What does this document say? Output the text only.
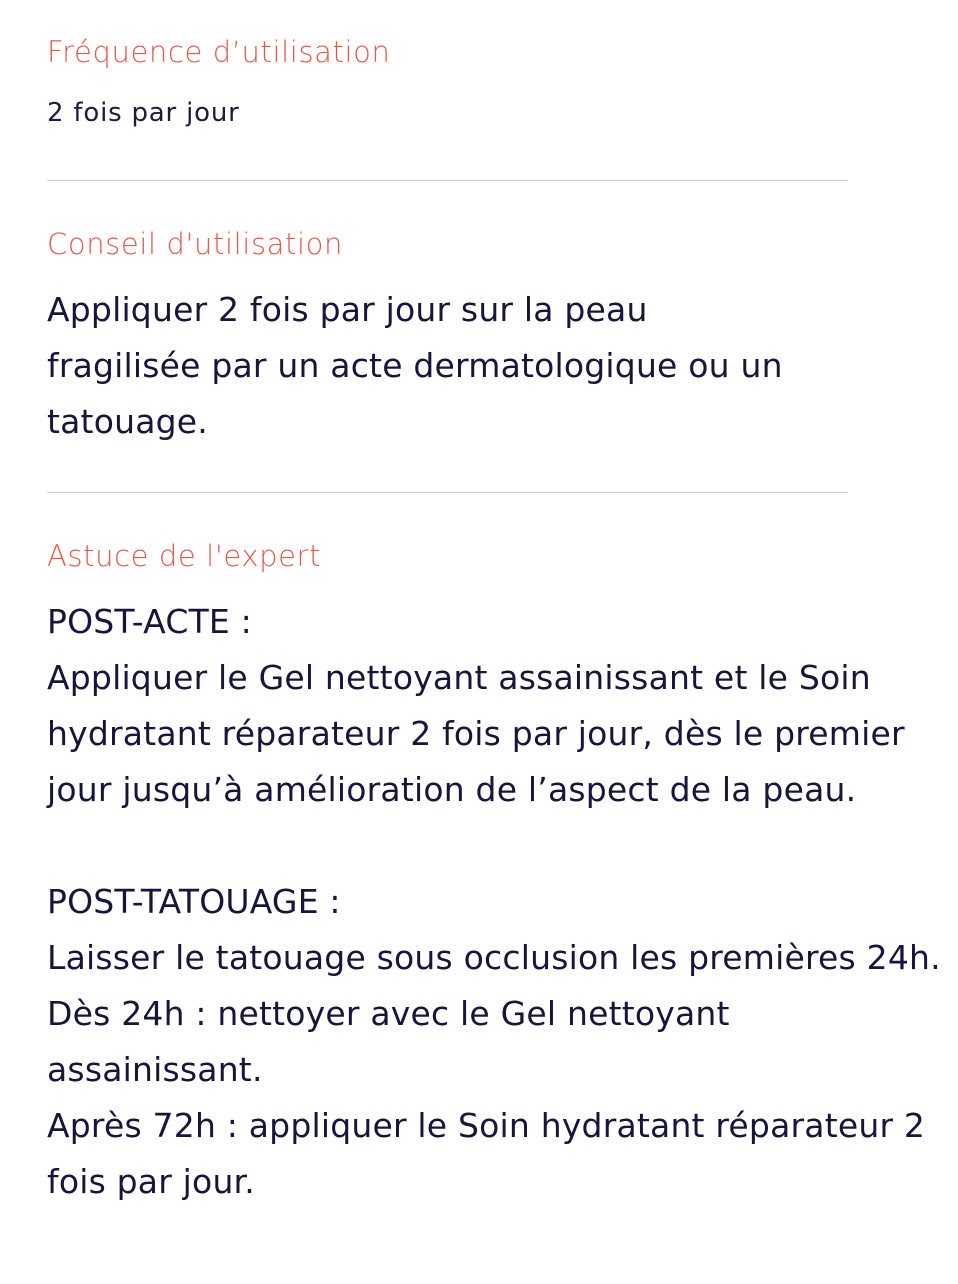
Fréquence d’utilisation

2 fois par jour

Conseil d'utilisation
Appliquer 2 fois par jour sur la peau
fragilisée par un acte dermatologique ou un
tatouage.
Astuce de l'expert
POST-ACTE :
Appliquer le Gel nettoyant assainissant et le Soin
hydratant réparateur 2 fois par jour, dès le premier
jour jusqu’à amélioration de l’aspect de la peau.

POST-TATOUAGE :
Laisser le tatouage sous occlusion les premières 24h.
Dès 24h : nettoyer avec le Gel nettoyant
assainissant.
Après 72h : appliquer le Soin hydratant réparateur 2
fois par jour.
